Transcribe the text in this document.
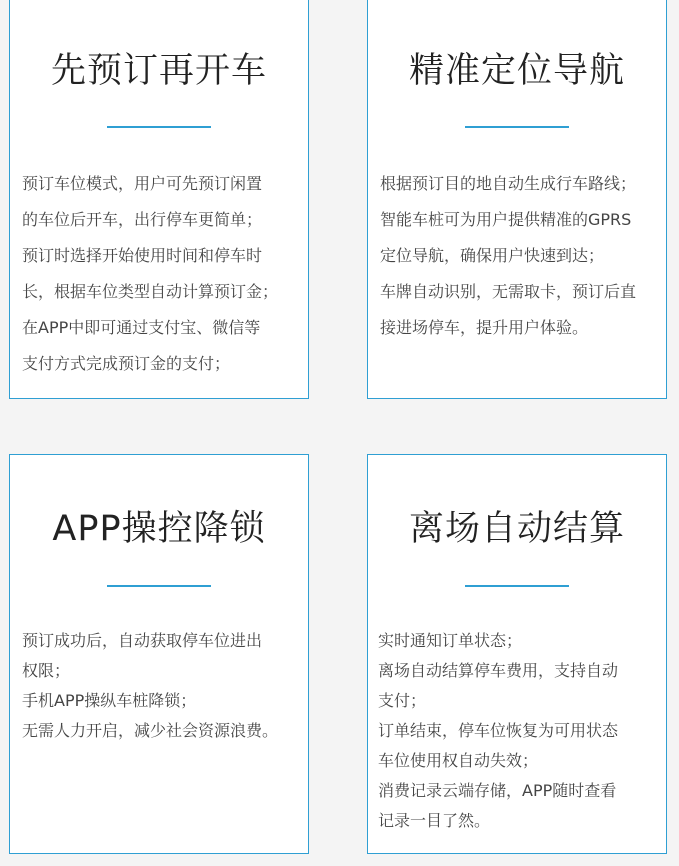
先预订再开车
预订车位模式，用户可先预订闲置
的车位后开车，出行停车更简单；
预订时选择开始使用时间和停车时
长，根据车位类型自动计算预订金；
在APP中即可通过支付宝、微信等
支付方式完成预订金的支付；
精准定位导航
根据预订目的地自动生成行车路线；
智能车桩可为用户提供精准的GPRS
定位导航，确保用户快速到达；
车牌自动识别，无需取卡，预订后直
接进场停车，提升用户体验。
APP操控降锁
预订成功后，自动获取停车位进出
权限；
手机APP操纵车桩降锁；
无需人力开启，减少社会资源浪费。
离场自动结算
实时通知订单状态；
离场自动结算停车费用，支持自动
支付；
订单结束，停车位恢复为可用状态
车位使用权自动失效；
消费记录云端存储，APP随时查看
记录一目了然。
